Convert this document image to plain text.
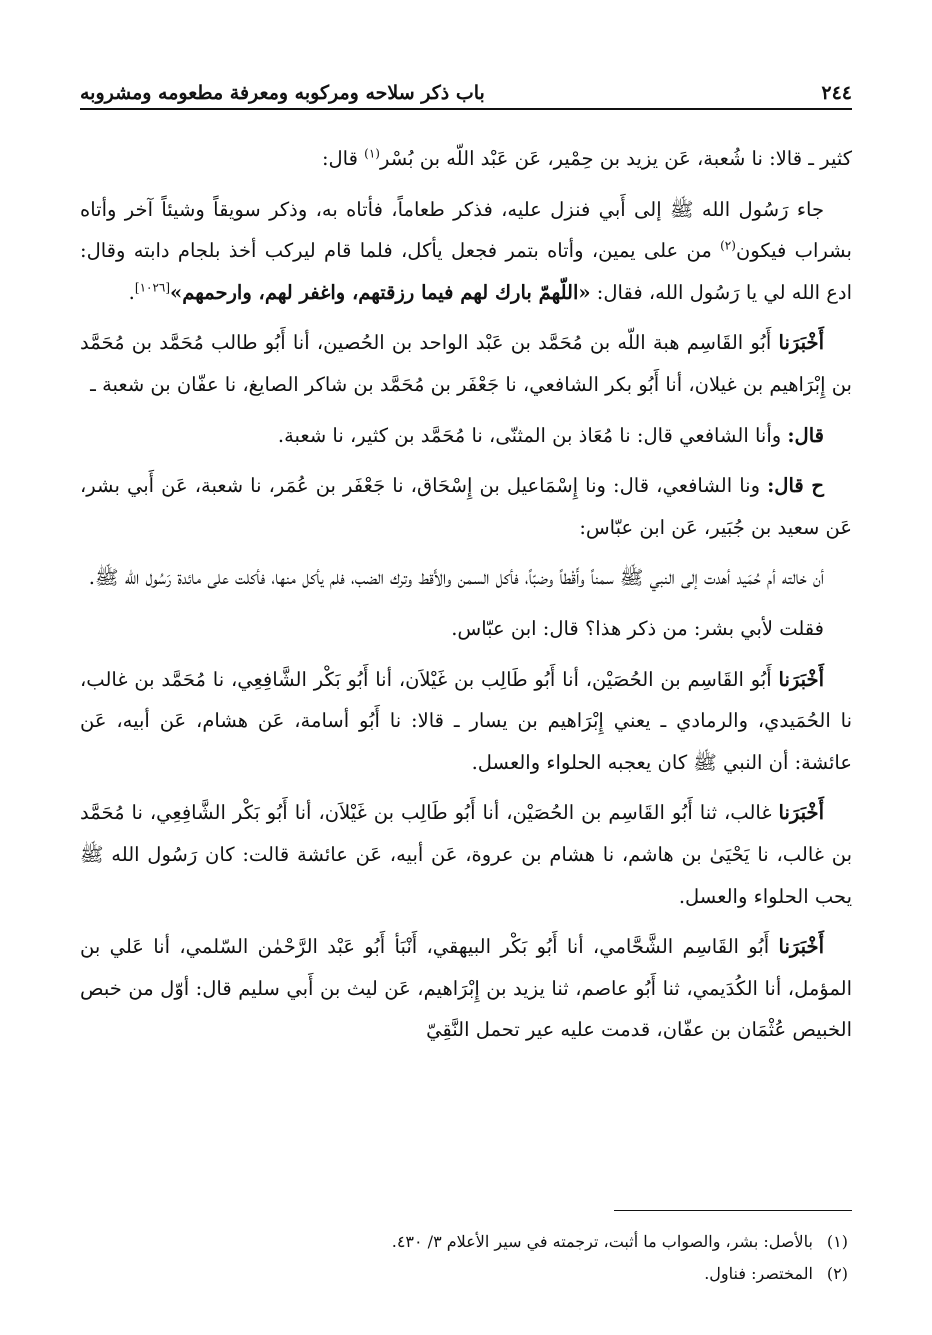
٢٤٤
باب ذكر سلاحه ومركوبه ومعرفة مطعومه ومشروبه

كثير ـ قالا: نا شُعبة، عَن يزيد بن حِمْير، عَن عَبْد اللّه بن بُسْر$^{(١)}$ قال:

جاء رَسُول الله ﷺ إلى أَبي فنزل عليه، فذكر طعاماً، فأتاه به، وذكر سويقاً وشيئاً آخر وأتاه بشراب فيكون$^{(٢)}$ من على يمين، وأتاه بتمر فجعل يأكل، فلما قام ليركب أخذ بلجام دابته وقال: ادع الله لي يا رَسُول الله، فقال: «اللّهمّ بارك لهم فيما رزقتهم، واغفر لهم، وارحمهم»[١٠٢٦].

أَخْبَرَنا أَبُو القَاسِم هبة اللّه بن مُحَمَّد بن عَبْد الواحد بن الحُصين، أنا أَبُو طالب مُحَمَّد بن مُحَمَّد بن إِبْرَاهيم بن غيلان، أنا أَبُو بكر الشافعي، نا جَعْفَر بن مُحَمَّد بن شاكر الصايغ، نا عفّان بن شعبة ـ

قال: وأنا الشافعي قال: نا مُعَاذ بن المثنّى، نا مُحَمَّد بن كثير، نا شعبة.

ح قال: ونا الشافعي، قال: ونا إِسْمَاعيل بن إِسْحَاق، نا جَعْفَر بن عُمَر، نا شعبة، عَن أَبي بشر، عَن سعيد بن جُبَير، عَن ابن عبّاس:

أن خالته أم حُمَيد أهدت إلى النبي ﷺ سمناً وأَقْطاً وضبّاً، فأكل السمن والأَقط وترك الضب، فلم يأكل منها، فأكلت على مائدة رَسُول الله ﷺ.

فقلت لأبي بشر: من ذكر هذا؟ قال: ابن عبّاس.

أَخْبَرَنا أَبُو القَاسِم بن الحُصَيْن، أنا أَبُو طَالِب بن غَيْلاَن، أنا أَبُو بَكْر الشَّافِعِي، نا مُحَمَّد بن غالب، نا الحُمَيدي، والرمادي ـ يعني إِبْرَاهيم بن يسار ـ قالا: نا أَبُو أسامة، عَن هشام، عَن أبيه، عَن عائشة: أن النبي ﷺ كان يعجبه الحلواء والعسل.

أَخْبَرَنا غالب، ثنا أَبُو القَاسِم بن الحُصَيْن، أنا أَبُو طَالِب بن غَيْلاَن، أنا أَبُو بَكْر الشَّافِعِي، نا مُحَمَّد بن غالب، نا يَحْيَىٰ بن هاشم، نا هشام بن عروة، عَن أبيه، عَن عائشة قالت: كان رَسُول الله ﷺ يحب الحلواء والعسل.

أَخْبَرَنا أَبُو القَاسِم الشَّحَّامي، أنا أَبُو بَكْر البيهقي، أَنْبَأ أَبُو عَبْد الرَّحْمٰن السّلمي، أنا عَلي بن المؤمل، أنا الكُدَيمي، ثنا أَبُو عاصم، ثنا يزيد بن إِبْرَاهيم، عَن ليث بن أَبي سليم قال: أوّل من خبص الخبيص عُثْمَان بن عفّان، قدمت عليه عير تحمل النَّقِيّ

(١)
بالأصل: بشر، والصواب ما أثبت، ترجمته في سير الأعلام ٣/ ٤٣٠.
(٢)
المختصر: فناول.
